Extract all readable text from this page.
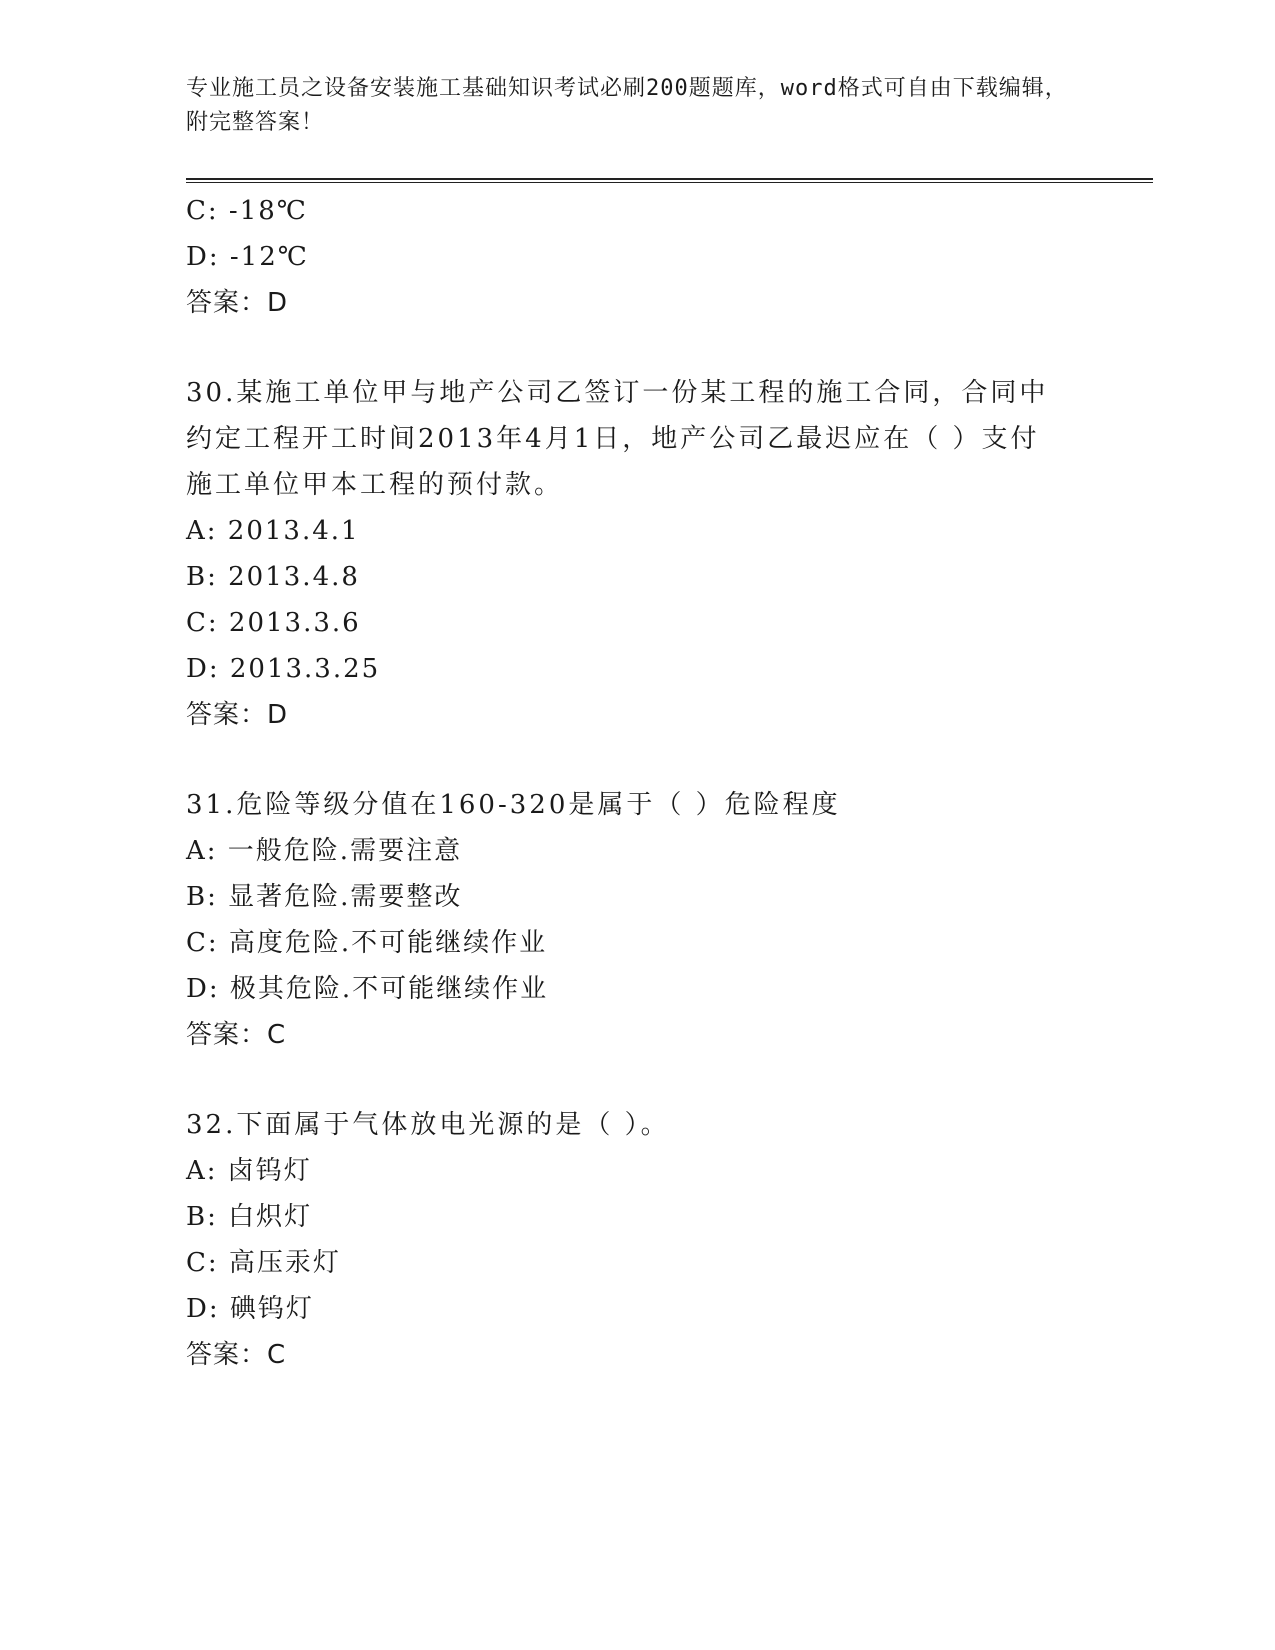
专业施工员之设备安装施工基础知识考试必刷200题题库，word格式可自由下载编辑，附完整答案！
C: -18℃
D: -12℃
答案：D
30.某施工单位甲与地产公司乙签订一份某工程的施工合同，合同中约定工程开工时间2013年4月1日，地产公司乙最迟应在（ ）支付施工单位甲本工程的预付款。
A: 2013.4.1
B: 2013.4.8
C: 2013.3.6
D: 2013.3.25
答案：D
31.危险等级分值在160-320是属于（ ）危险程度
A: 一般危险.需要注意
B: 显著危险.需要整改
C: 高度危险.不可能继续作业
D: 极其危险.不可能继续作业
答案：C
32.下面属于气体放电光源的是（ ）。
A: 卤钨灯
B: 白炽灯
C: 高压汞灯
D: 碘钨灯
答案：C
